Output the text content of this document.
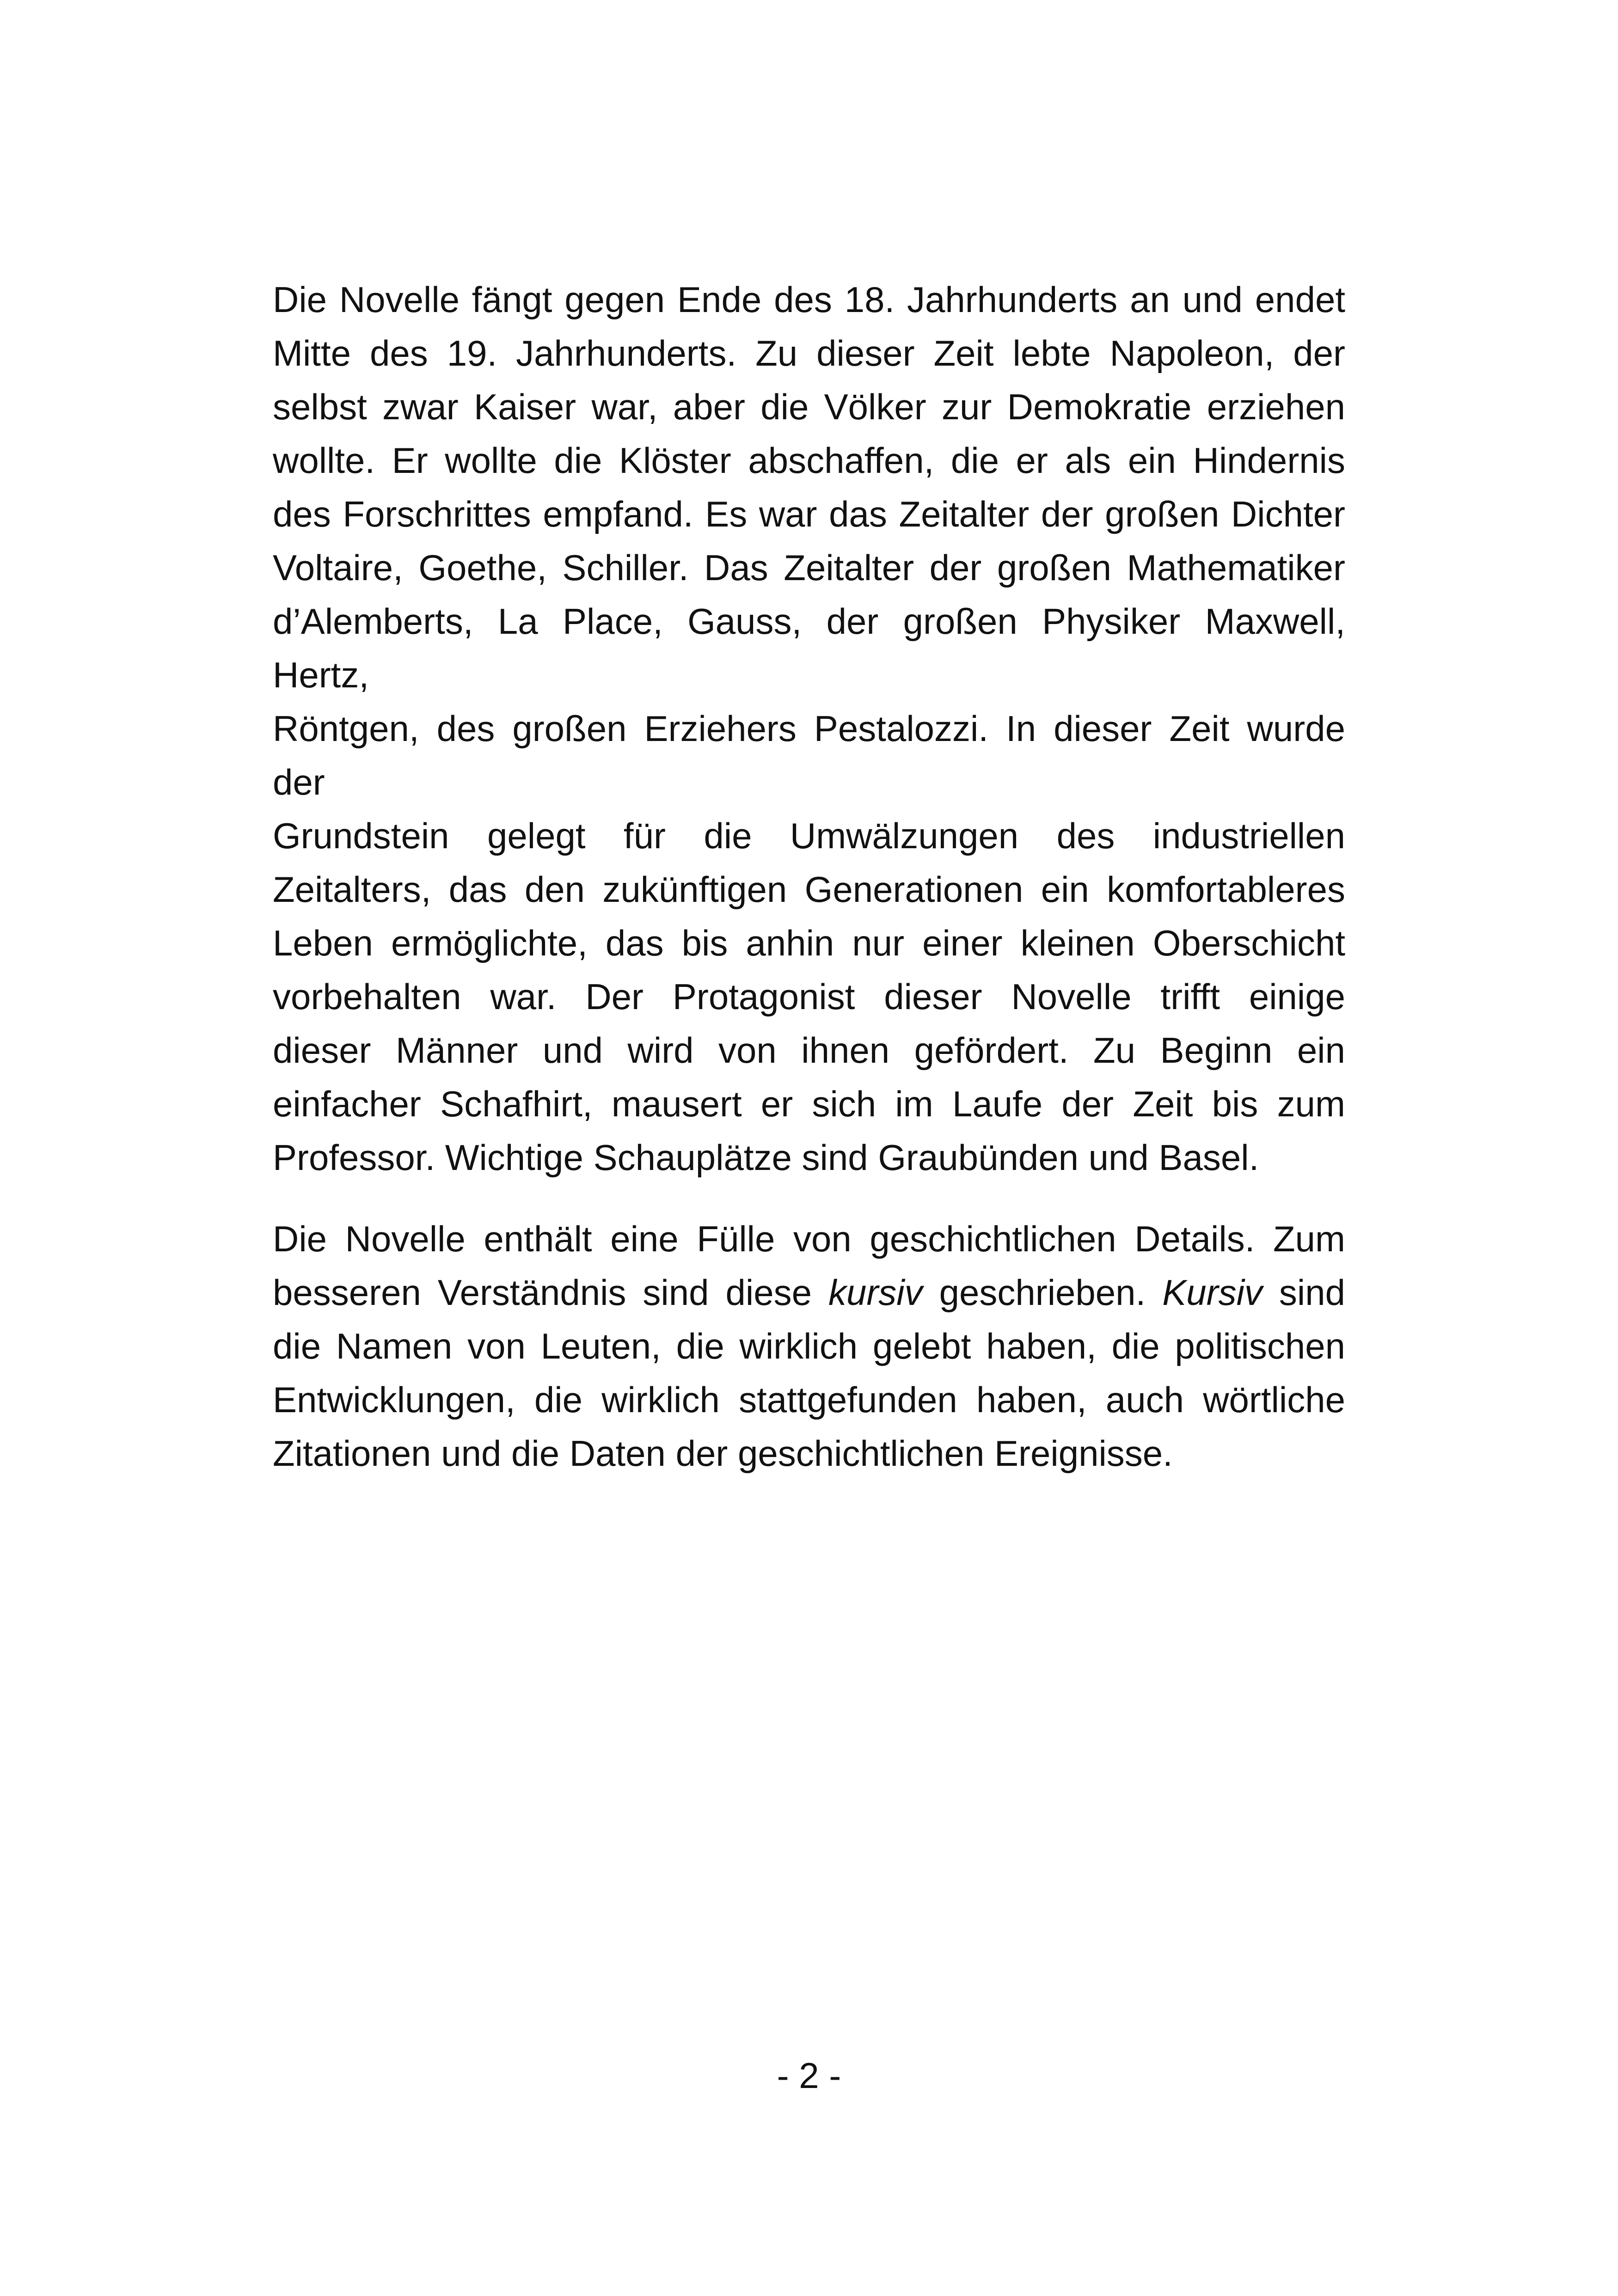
Die Novelle fängt gegen Ende des 18. Jahrhunderts an und endet
Mitte des 19. Jahrhunderts. Zu dieser Zeit lebte Napoleon, der
selbst zwar Kaiser war, aber die Völker zur Demokratie erziehen
wollte. Er wollte die Klöster abschaffen, die er als ein Hindernis
des Forschrittes empfand. Es war das Zeitalter der großen Dichter
Voltaire, Goethe, Schiller. Das Zeitalter der großen Mathematiker
d’Alemberts, La Place, Gauss, der großen Physiker Maxwell, Hertz,
Röntgen, des großen Erziehers Pestalozzi. In dieser Zeit wurde der
Grundstein gelegt für die Umwälzungen des industriellen
Zeitalters, das den zukünftigen Generationen ein komfortableres
Leben ermöglichte, das bis anhin nur einer kleinen Oberschicht
vorbehalten war. Der Protagonist dieser Novelle trifft einige
dieser Männer und wird von ihnen gefördert. Zu Beginn ein
einfacher Schafhirt, mausert er sich im Laufe der Zeit bis zum
Professor. Wichtige Schauplätze sind Graubünden und Basel.

Die Novelle enthält eine Fülle von geschichtlichen Details. Zum
besseren Verständnis sind diese kursiv geschrieben. Kursiv sind
die Namen von Leuten, die wirklich gelebt haben, die politischen
Entwicklungen, die wirklich stattgefunden haben, auch wörtliche
Zitationen und die Daten der geschichtlichen Ereignisse.

- 2 -
